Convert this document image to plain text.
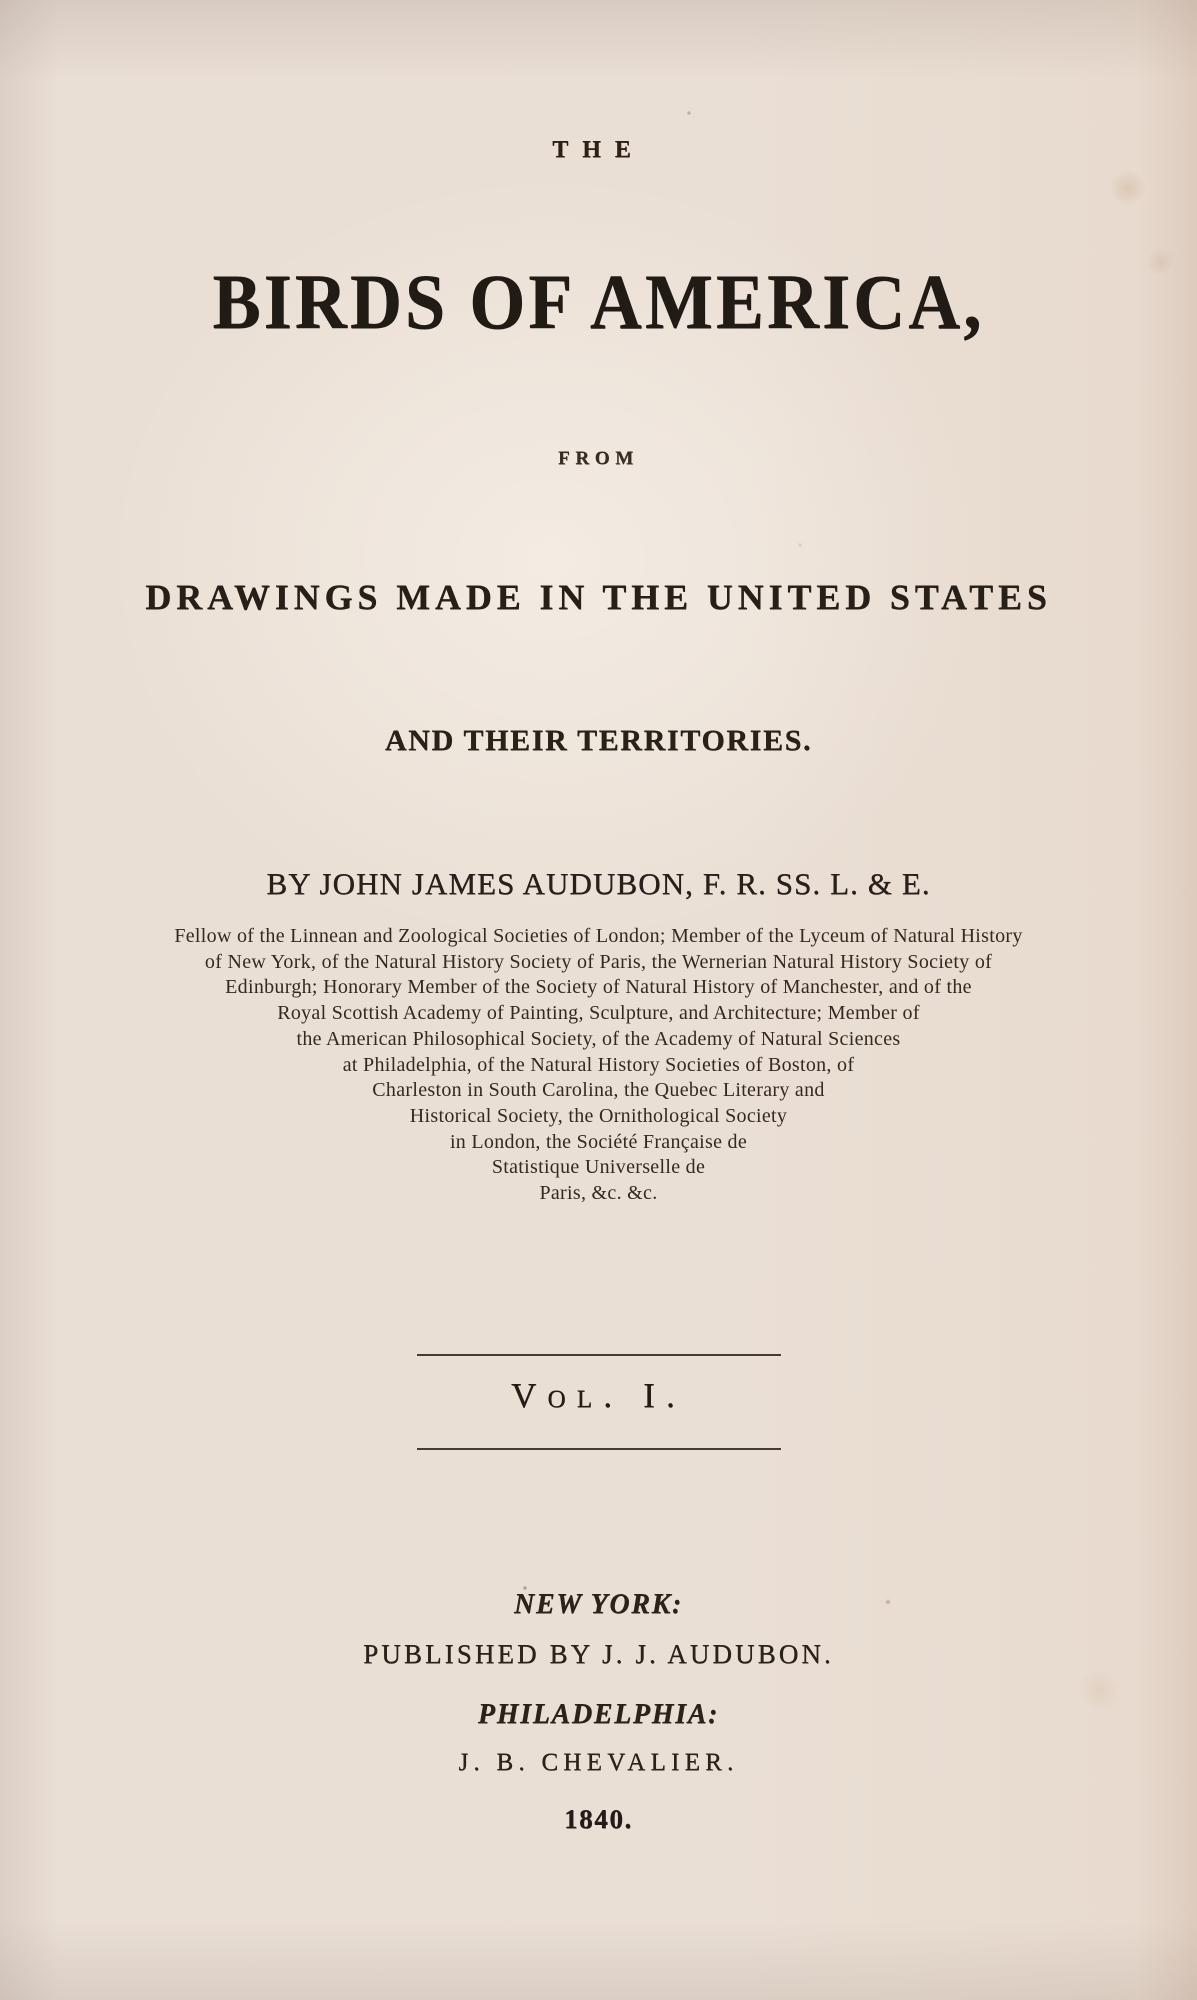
THE
BIRDS OF AMERICA,
FROM
DRAWINGS MADE IN THE UNITED STATES
AND THEIR TERRITORIES.
BY JOHN JAMES AUDUBON, F. R. SS. L. & E.
Fellow of the Linnean and Zoological Societies of London; Member of the Lyceum of Natural History
of New York, of the Natural History Society of Paris, the Wernerian Natural History Society of
Edinburgh; Honorary Member of the Society of Natural History of Manchester, and of the
Royal Scottish Academy of Painting, Sculpture, and Architecture; Member of
the American Philosophical Society, of the Academy of Natural Sciences
at Philadelphia, of the Natural History Societies of Boston, of
Charleston in South Carolina, the Quebec Literary and
Historical Society, the Ornithological Society
in London, the Société Française de
Statistique Universelle de
Paris, &c. &c.
Vol. I.
NEW YORK:
PUBLISHED BY J. J. AUDUBON.
PHILADELPHIA:
J. B. CHEVALIER.
1840.
